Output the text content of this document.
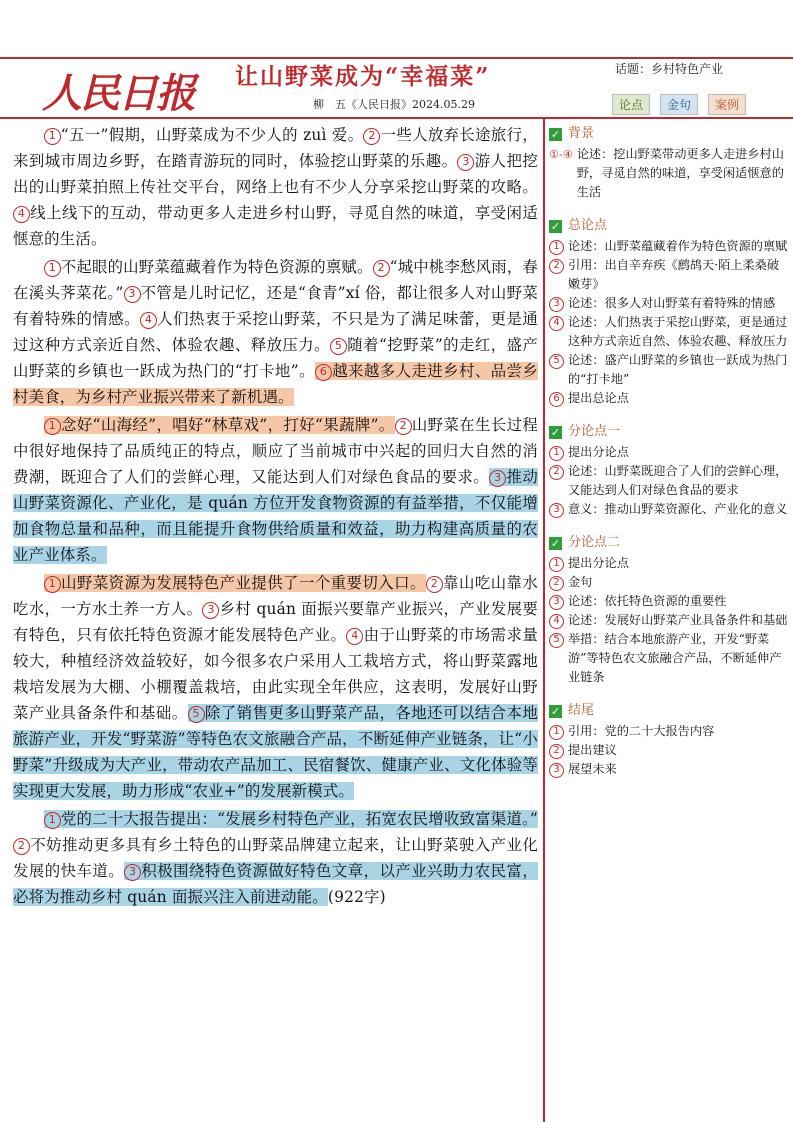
人民日报 让山野菜成为“幸福菜”
柳　五《人民日报》2024.05.29
话题：乡村特色产业
论点	金句	案例

1 “五一”假期，山野菜成为不少人的 zuì 爱。 2 一些人放弃长途旅行，来到城市周边乡野，在踏青游玩的同时，体验挖山野菜的乐趣。 3 游人把挖出的山野菜拍照上传社交平台，网络上也有不少人分享采挖山野菜的攻略。4 线上线下的互动，带动更多人走进乡村山野，寻觅自然的味道，享受闲适惬意的生活。

1 不起眼的山野菜蕴藏着作为特色资源的禀赋。 2 “城中桃李愁风雨，春在溪头荠菜花。” 3 不管是儿时记忆，还是“食青”xí 俗，都让很多人对山野菜有着特殊的情感。 4 人们热衷于采挖山野菜，不只是为了满足味蕾，更是通过这种方式亲近自然、体验农趣、释放压力。 5 随着“挖野菜”的走红，盛产山野菜的乡镇也一跃成为热门的“打卡地”。 6 越来越多人走进乡村、品尝乡村美食，为乡村产业振兴带来了新机遇。

1 念好“山海经”，唱好“林草戏”，打好“果蔬牌”。 2 山野菜在生长过程中很好地保持了品质纯正的特点，顺应了当前城市中兴起的回归大自然的消费潮，既迎合了人们的尝鲜心理，又能达到人们对绿色食品的要求。 3 推动山野菜资源化、产业化，是 quán 方位开发食物资源的有益举措，不仅能增加食物总量和品种，而且能提升食物供给质量和效益，助力构建高质量的农业产业体系。

1 山野菜资源为发展特色产业提供了一个重要切入口。 2 靠山吃山靠水吃水，一方水土养一方人。 3 乡村 quán 面振兴要靠产业振兴，产业发展要有特色，只有依托特色资源才能发展特色产业。 4 由于山野菜的市场需求量较大，种植经济效益较好，如今很多农户采用人工栽培方式，将山野菜露地栽培发展为大棚、小棚覆盖栽培，由此实现全年供应，这表明，发展好山野菜产业具备条件和基础。 5 除了销售更多山野菜产品，各地还可以结合本地旅游产业，开发“野菜游”等特色农文旅融合产品，不断延伸产业链条，让“小野菜”升级成为大产业，带动农产品加工、民宿餐饮、健康产业、文化体验等实现更大发展，助力形成“农业+”的发展新模式。

1 党的二十大报告提出：“发展乡村特色产业，拓宽农民增收致富渠道。”2 不妨推动更多具有乡土特色的山野菜品牌建立起来，让山野菜驶入产业化发展的快车道。 3 积极围绕特色资源做好特色文章，以产业兴助力农民富，必将为推动乡村 quán 面振兴注入前进动能。(922字)

✓ 背景
①-④ 论述：挖山野菜带动更多人走进乡村山野，寻觅自然的味道，享受闲适惬意的生活
✓ 总论点
1 论述：山野菜蕴藏着作为特色资源的禀赋
2 引用：出自辛弃疾《鹧鸪天·陌上柔桑破嫩芽》
3 论述：很多人对山野菜有着特殊的情感
4 论述：人们热衷于采挖山野菜，更是通过这种方式亲近自然、体验农趣、释放压力
5 论述：盛产山野菜的乡镇也一跃成为热门的“打卡地”
6 提出总论点
✓ 分论点一
1 提出分论点
2 论述：山野菜既迎合了人们的尝鲜心理，又能达到人们对绿色食品的要求
3 意义：推动山野菜资源化、产业化的意义
✓ 分论点二
1 提出分论点
2 金句
3 论述：依托特色资源的重要性
4 论述：发展好山野菜产业具备条件和基础
5 举措：结合本地旅游产业，开发“野菜游”等特色农文旅融合产品，不断延伸产业链条
✓ 结尾
1 引用：党的二十大报告内容
2 提出建议
3 展望未来
